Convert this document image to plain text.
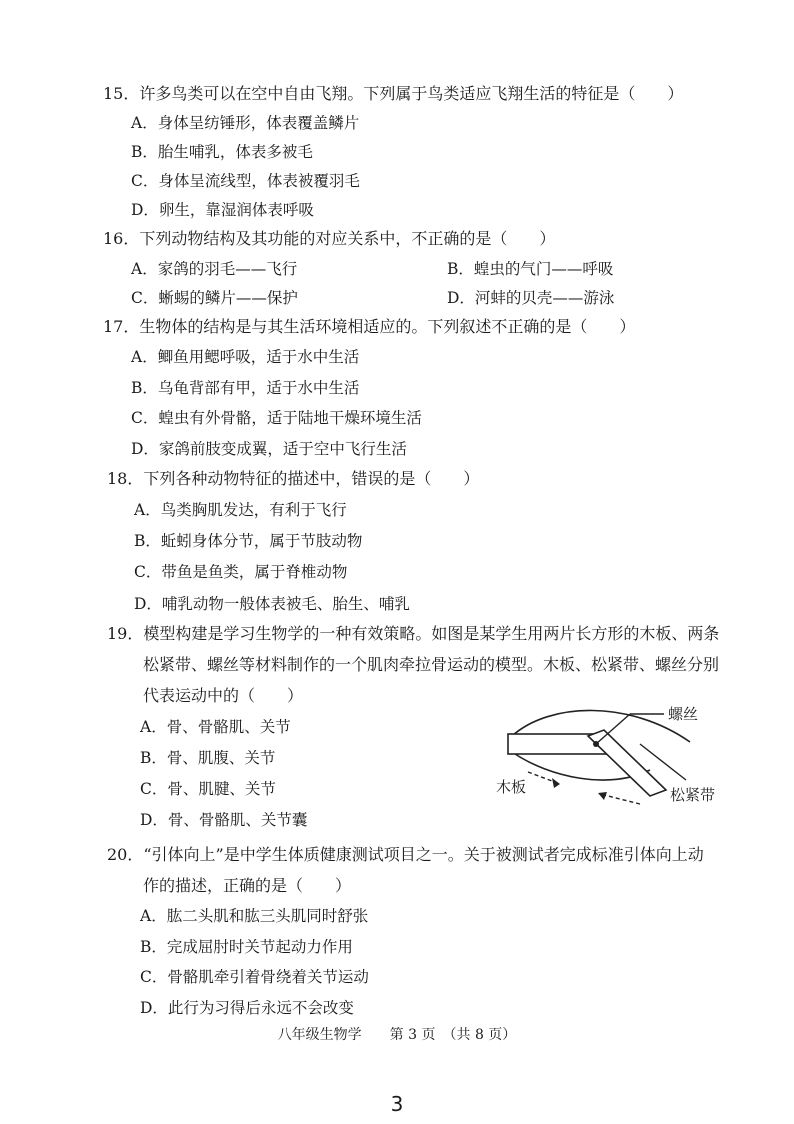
15．许多鸟类可以在空中自由飞翔。下列属于鸟类适应飞翔生活的特征是（　　）
A．身体呈纺锤形，体表覆盖鳞片
B．胎生哺乳，体表多被毛
C．身体呈流线型，体表被覆羽毛
D．卵生，靠湿润体表呼吸
16．下列动物结构及其功能的对应关系中，不正确的是（　　）
A．家鸽的羽毛——飞行	B．蝗虫的气门——呼吸
C．蜥蜴的鳞片——保护	D．河蚌的贝壳——游泳
17．生物体的结构是与其生活环境相适应的。下列叙述不正确的是（　　）
A．鲫鱼用鳃呼吸，适于水中生活
B．乌龟背部有甲，适于水中生活
C．蝗虫有外骨骼，适于陆地干燥环境生活
D．家鸽前肢变成翼，适于空中飞行生活
18．下列各种动物特征的描述中，错误的是（　　）
A．鸟类胸肌发达，有利于飞行
B．蚯蚓身体分节，属于节肢动物
C．带鱼是鱼类，属于脊椎动物
D．哺乳动物一般体表被毛、胎生、哺乳
19．模型构建是学习生物学的一种有效策略。如图是某学生用两片长方形的木板、两条
松紧带、螺丝等材料制作的一个肌肉牵拉骨运动的模型。木板、松紧带、螺丝分别
代表运动中的（　　）
A．骨、骨骼肌、关节
B．骨、肌腹、关节
C．骨、肌腱、关节
D．骨、骨骼肌、关节囊
螺丝
木板	松紧带
20．“引体向上”是中学生体质健康测试项目之一。关于被测试者完成标准引体向上动
作的描述，正确的是（　　）
A．肱二头肌和肱三头肌同时舒张
B．完成屈肘时关节起动力作用
C．骨骼肌牵引着骨绕着关节运动
D．此行为习得后永远不会改变
八年级生物学　　第 3 页　（共 8 页）
3
